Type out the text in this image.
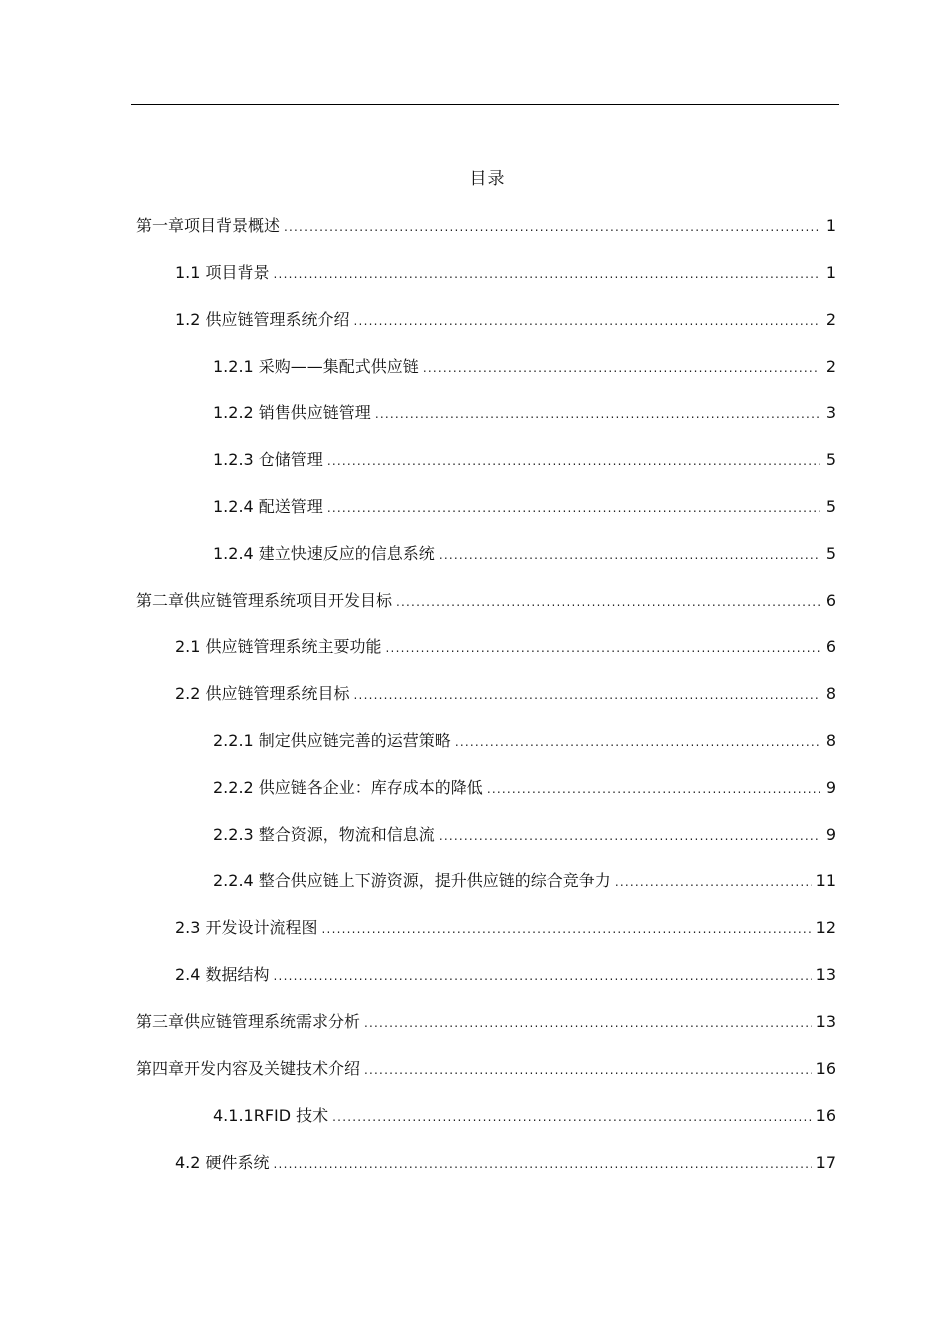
目录
第一章项目背景概述 .....	1
1.1 项目背景 .....	1
1.2 供应链管理系统介绍 .....	2
1.2.1 采购——集配式供应链 .....	2
1.2.2 销售供应链管理 .....	3
1.2.3 仓储管理 .....	5
1.2.4 配送管理 .....	5
1.2.4 建立快速反应的信息系统 .....	5
第二章供应链管理系统项目开发目标 .....	6
2.1 供应链管理系统主要功能 .....	6
2.2 供应链管理系统目标 .....	8
2.2.1 制定供应链完善的运营策略 .....	8
2.2.2 供应链各企业：库存成本的降低 .....	9
2.2.3 整合资源，物流和信息流 .....	9
2.2.4 整合供应链上下游资源，提升供应链的综合竞争力 .....	11
2.3 开发设计流程图 .....	12
2.4 数据结构 .....	13
第三章供应链管理系统需求分析 .....	13
第四章开发内容及关键技术介绍 .....	16
4.1.1RFID 技术 .....	16
4.2 硬件系统 .....	17
